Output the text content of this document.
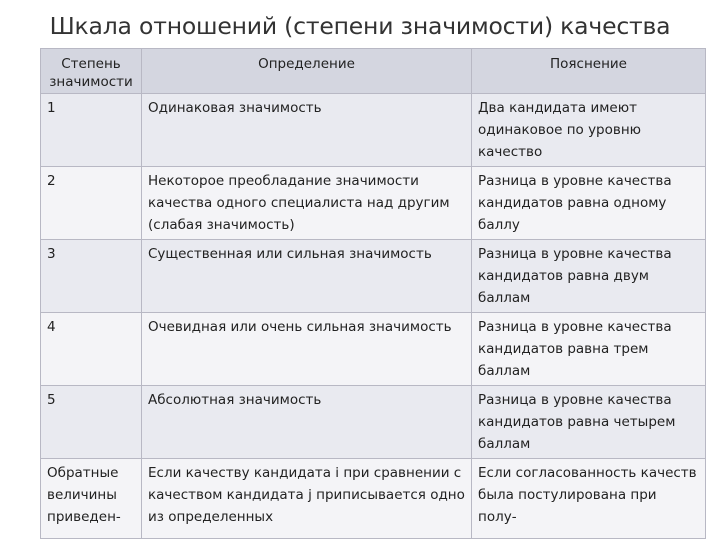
Шкала отношений (степени значимости) качества
Степень значимости	Определение	Пояснение
1	Одинаковая значимость	Два кандидата имеют одинаковое по уровню качество
2	Некоторое преобладание значимости качества одного специалиста над другим (слабая значимость)	Разница в уровне качества кандидатов равна одному баллу
3	Существенная или сильная значимость	Разница в уровне качества кандидатов равна двум баллам
4	Очевидная или очень сильная значимость	Разница в уровне качества кандидатов равна трем баллам
5	Абсолютная значимость	Разница в уровне качества кандидатов равна четырем баллам
Обратные величины приведен-	Если качеству кандидата i при сравнении с качеством кандидата j приписывается одно из определенных	Если согласованность качеств была постулирована при полу-
